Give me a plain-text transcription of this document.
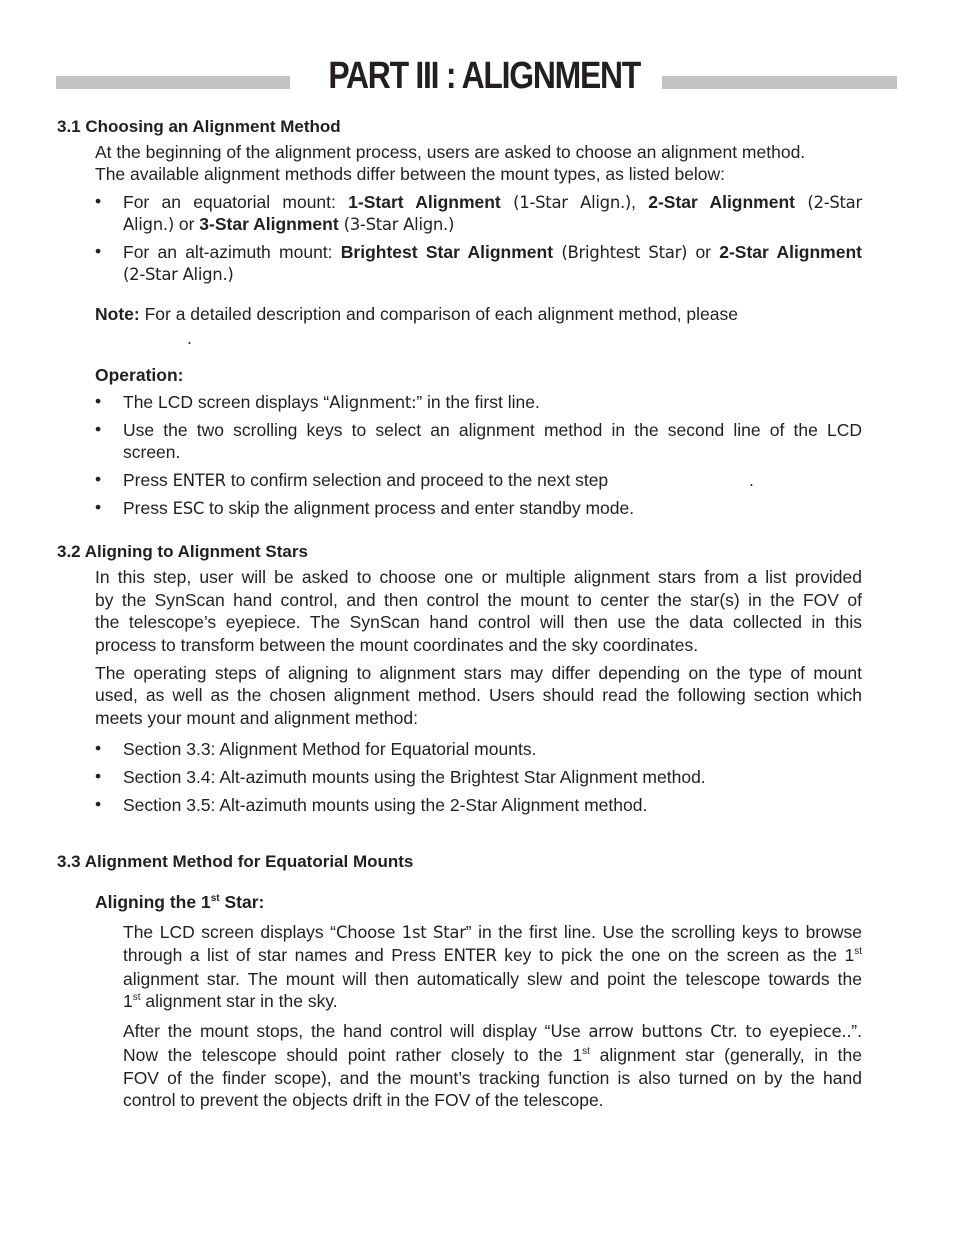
PART III : ALIGNMENT
3.1 Choosing an Alignment Method
At the beginning of the alignment process, users are asked to choose an alignment method.
The available alignment methods differ between the mount types, as listed below:
• For an equatorial mount: 1-Start Alignment (1-Star Align.), 2-Star Alignment (2-Star
Align.) or 3-Star Alignment (3-Star Align.)
• For an alt-azimuth mount: Brightest Star Alignment (Brightest Star) or 2-Star Alignment
(2-Star Align.)
Note: For a detailed description and comparison of each alignment method, please
.
Operation:
• The LCD screen displays “Alignment:” in the first line.
• Use the two scrolling keys to select an alignment method in the second line of the LCD
screen.
• Press ENTER to confirm selection and proceed to the next step	.
• Press ESC to skip the alignment process and enter standby mode.
3.2 Aligning to Alignment Stars
In this step, user will be asked to choose one or multiple alignment stars from a list provided
by the SynScan hand control, and then control the mount to center the star(s) in the FOV of
the telescope’s eyepiece. The SynScan hand control will then use the data collected in this
process to transform between the mount coordinates and the sky coordinates.
The operating steps of aligning to alignment stars may differ depending on the type of mount
used, as well as the chosen alignment method. Users should read the following section which
meets your mount and alignment method:
• Section 3.3: Alignment Method for Equatorial mounts.
• Section 3.4: Alt-azimuth mounts using the Brightest Star Alignment method.
• Section 3.5: Alt-azimuth mounts using the 2-Star Alignment method.
3.3 Alignment Method for Equatorial Mounts
Aligning the 1st Star:
The LCD screen displays “Choose 1st Star” in the first line. Use the scrolling keys to browse
through a list of star names and Press ENTER key to pick the one on the screen as the 1st
alignment star. The mount will then automatically slew and point the telescope towards the
1st alignment star in the sky.
After the mount stops, the hand control will display “Use arrow buttons Ctr. to eyepiece..”.
Now the telescope should point rather closely to the 1st alignment star (generally, in the
FOV of the finder scope), and the mount’s tracking function is also turned on by the hand
control to prevent the objects drift in the FOV of the telescope.
